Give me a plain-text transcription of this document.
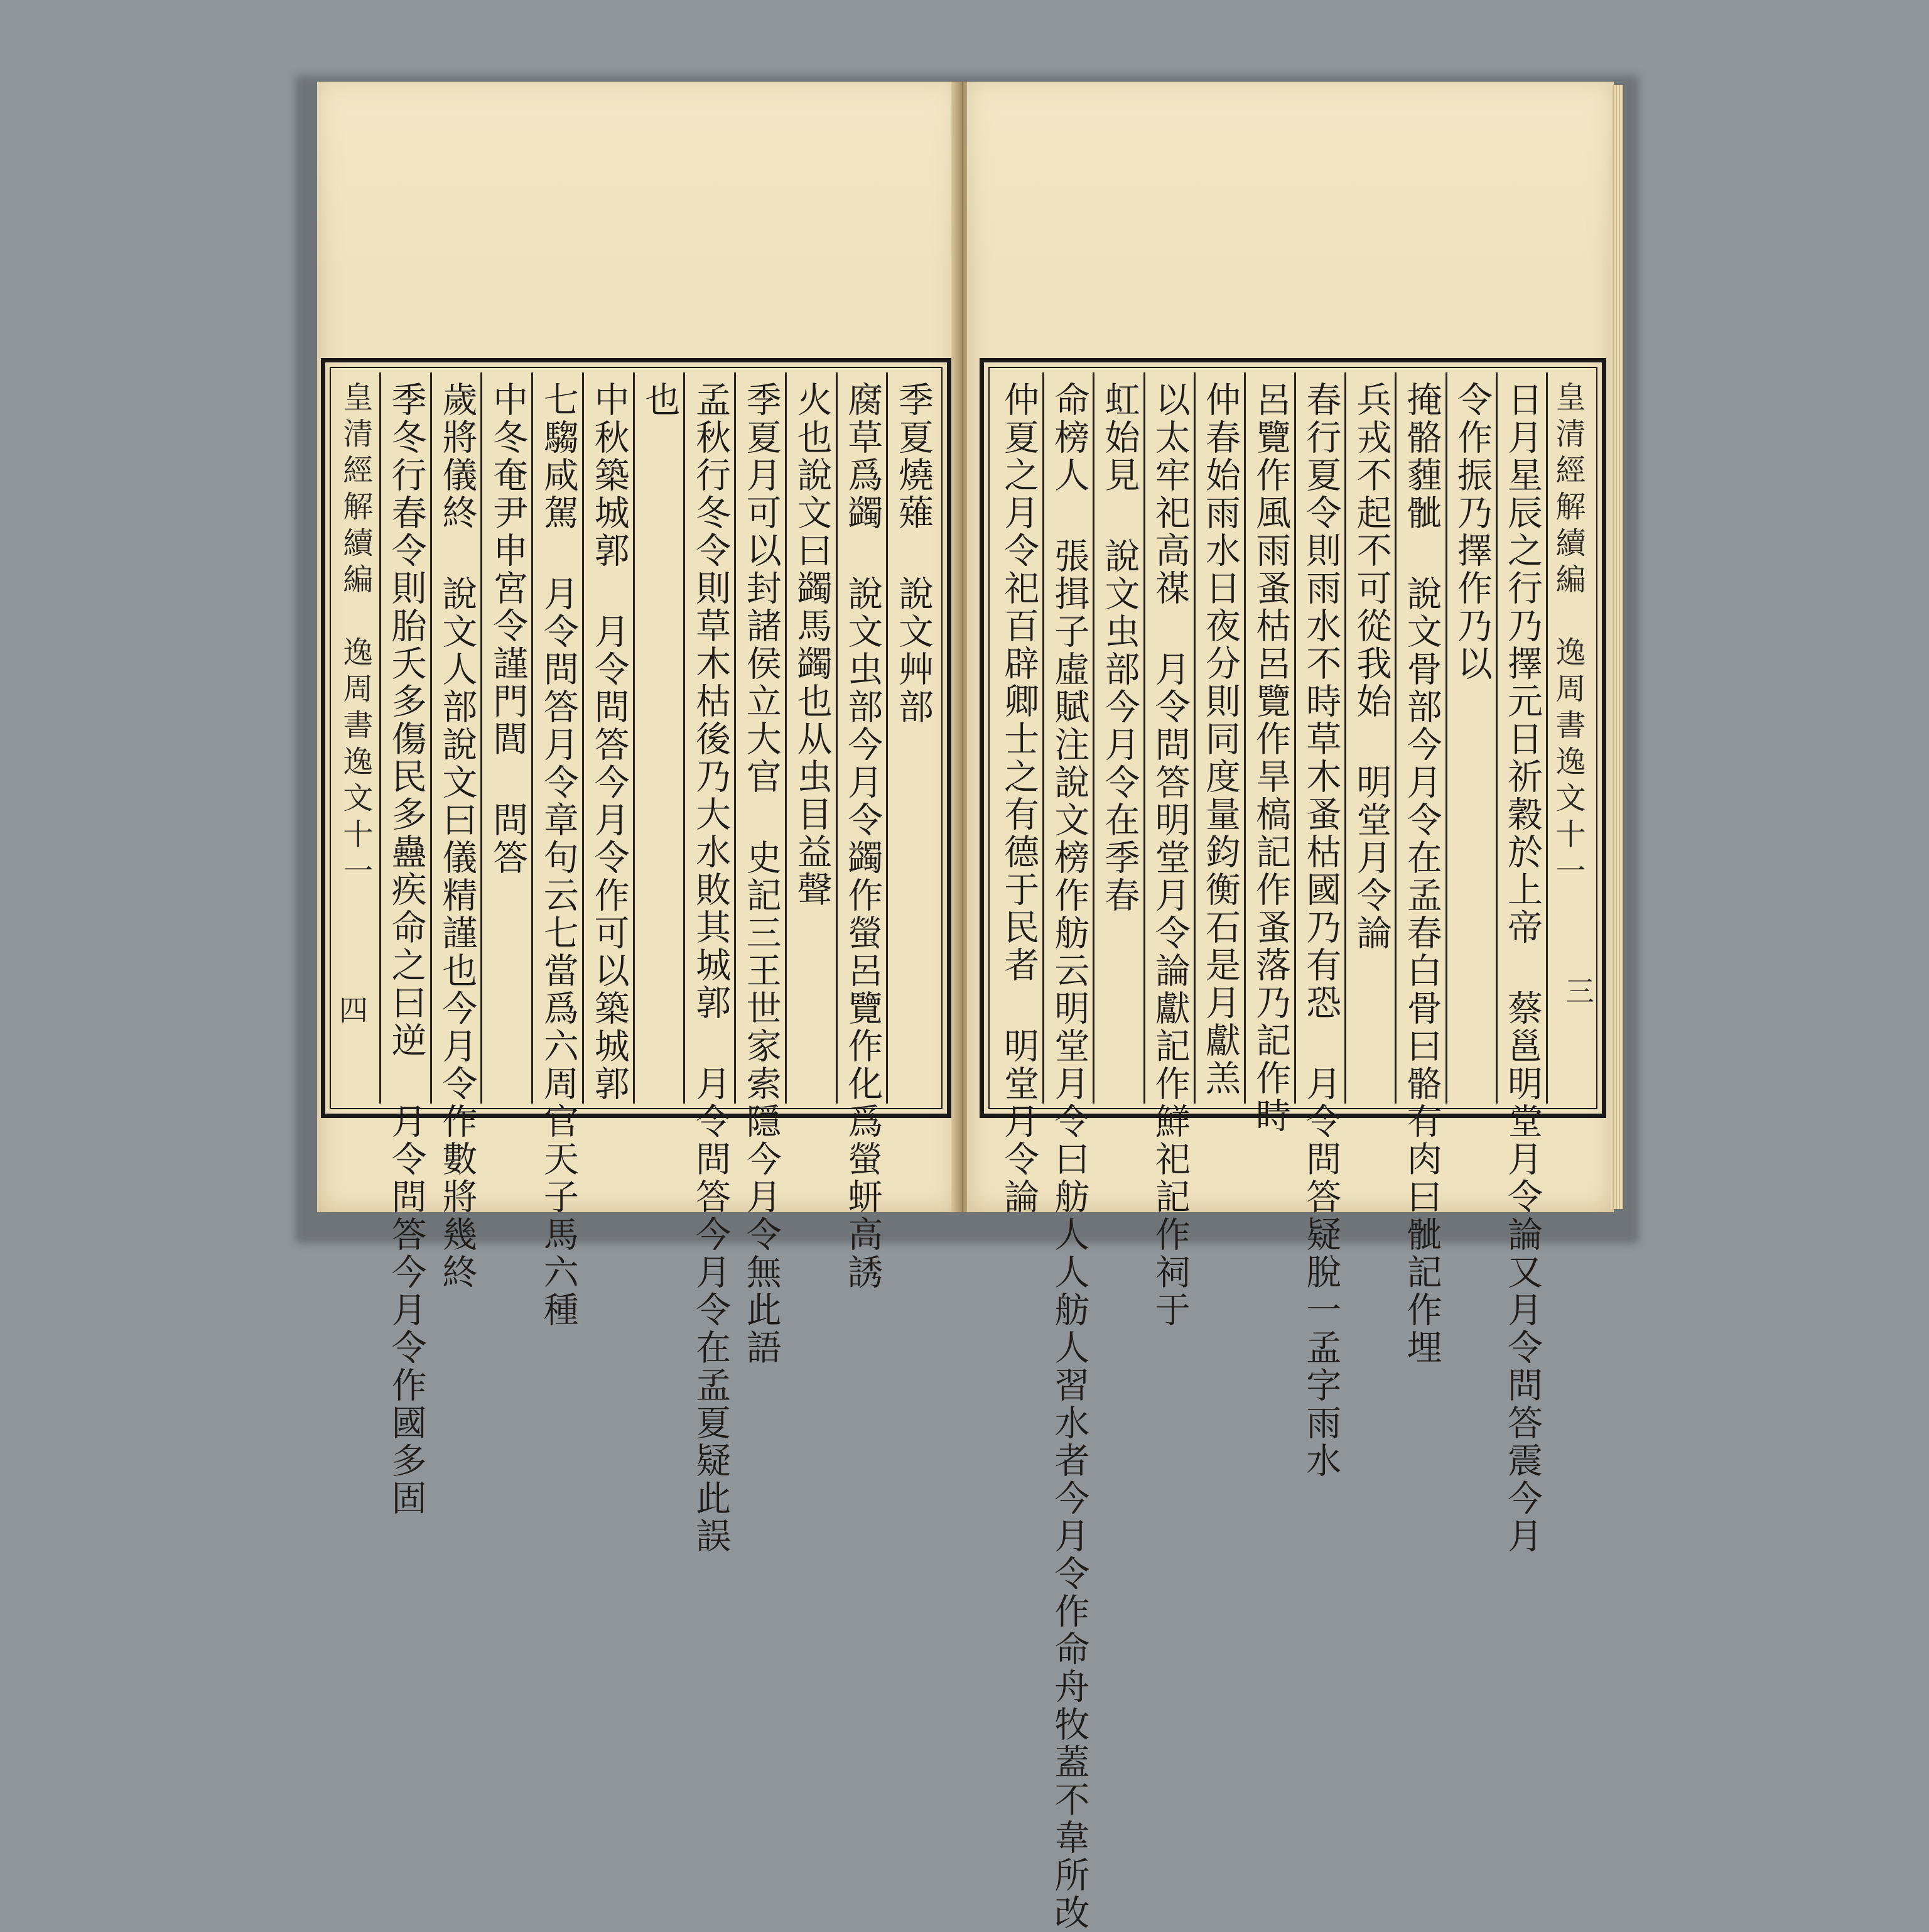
季夏燒薙 說文艸部
腐草爲蠲 說文虫部今月令蠲作螢呂覽作化爲螢蚈高誘
火也說文曰蠲馬蠲也从虫目益聲
季夏月可以封諸侯立大官 史記三王世家索隱今月令無此語
孟秋行冬令則草木枯後乃大水敗其城郭 月令問答今月令在孟夏疑此誤
也
中秋築城郭 月令問答今月令作可以築城郭
七騶咸駕 月令問答月令章句云七當爲六周官天子馬六種
中冬奄尹申宮令謹門閭 問答
歲將儀終 說文人部說文曰儀精謹也今月令作數將幾終
季冬行春令則胎夭多傷民多蠱疾命之曰逆 月令問答今月令作國多固
皇清經解續編　逸周書逸文十一
四
皇清經解續編　逸周書逸文十一
日月星辰之行乃擇元日祈穀於上帝 蔡邕明堂月令論又月令問答震今月
令作振乃擇作乃以
掩骼薶骴 說文骨部今月令在孟春白骨曰骼有肉曰骴記作埋
兵戎不起不可從我始 明堂月令論
春行夏令則雨水不時草木蚤枯國乃有恐 月令問答疑脫一孟字雨水
呂覽作風雨蚤枯呂覽作旱槁記作蚤落乃記作時
仲春始雨水日夜分則同度量鈞衡石是月獻羔
以太牢祀高禖 月令問答明堂月令論獻記作鮮祀記作祠于
虹始見 說文虫部今月令在季春
命榜人 張揖子虛賦注說文榜作舫云明堂月令曰舫人人舫人習水者今月令作命舟牧蓋不韋所改
仲夏之月令祀百辟卿士之有德于民者 明堂月令論	三
